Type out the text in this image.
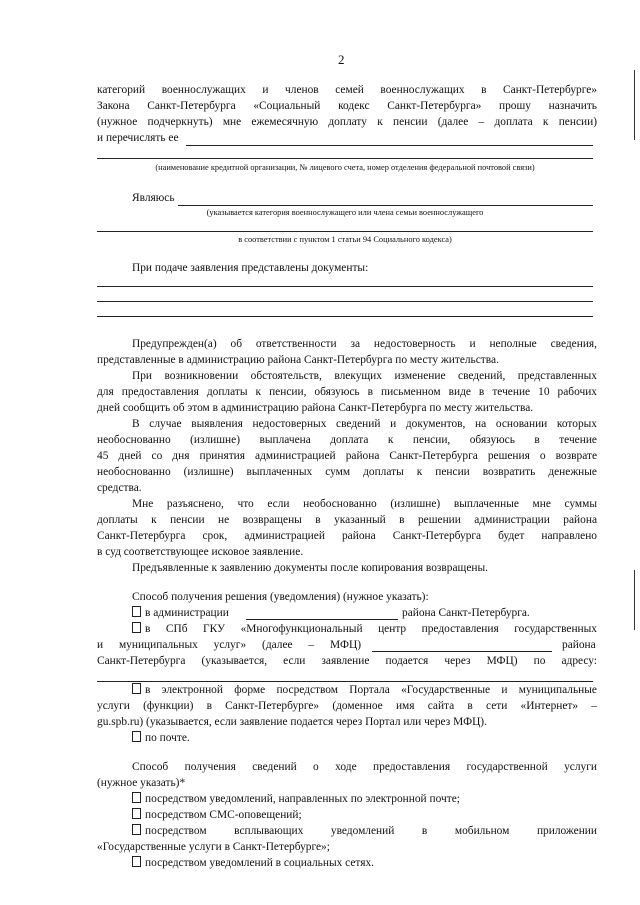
2
категорий военнослужащих и членов семей военнослужащих в Санкт-Петербурге»
Закона Санкт-Петербурга «Социальный кодекс Санкт-Петербурга» прошу назначить
(нужное подчеркнуть) мне ежемесячную доплату к пенсии (далее – доплата к пенсии)
и перечислять ее
(наименование кредитной организации, № лицевого счета, номер отделения федеральной почтовой связи)
Являюсь
(указывается категория военнослужащего или члена семьи военнослужащего
в соответствии с пунктом 1 статьи 94 Социального кодекса)
При подаче заявления представлены документы:
Предупрежден(а) об ответственности за недостоверность и неполные сведения,
представленные в администрацию района Санкт-Петербурга по месту жительства.
При возникновении обстоятельств, влекущих изменение сведений, представленных
для предоставления доплаты к пенсии, обязуюсь в письменном виде в течение 10 рабочих
дней сообщить об этом в администрацию района Санкт-Петербурга по месту жительства.
В случае выявления недостоверных сведений и документов, на основании которых
необоснованно (излишне) выплачена доплата к пенсии, обязуюсь в течение
45 дней со дня принятия администрацией района Санкт-Петербурга решения о возврате
необоснованно (излишне) выплаченных сумм доплаты к пенсии возвратить денежные
средства.
Мне разъяснено, что если необоснованно (излишне) выплаченные мне суммы
доплаты к пенсии не возвращены в указанный в решении администрации района
Санкт-Петербурга срок, администрацией района Санкт-Петербурга будет направлено
в суд соответствующее исковое заявление.
Предъявленные к заявлению документы после копирования возвращены.
Способ получения решения (уведомления) (нужное указать):
в администрации	района Санкт-Петербурга.
в СПб ГКУ «Многофункциональный центр предоставления государственных
и муниципальных услуг» (далее – МФЦ)	района
Санкт-Петербурга (указывается, если заявление подается через МФЦ) по адресу:
в электронной форме посредством Портала «Государственные и муниципальные
услуги (функции) в Санкт-Петербурге» (доменное имя сайта в сети «Интернет» –
gu.spb.ru) (указывается, если заявление подается через Портал или через МФЦ).
по почте.
Способ получения сведений о ходе предоставления государственной услуги
(нужное указать)*
посредством уведомлений, направленных по электронной почте;
посредством СМС-оповещений;
посредством всплывающих уведомлений в мобильном приложении
«Государственные услуги в Санкт-Петербурге»;
посредством уведомлений в социальных сетях.
